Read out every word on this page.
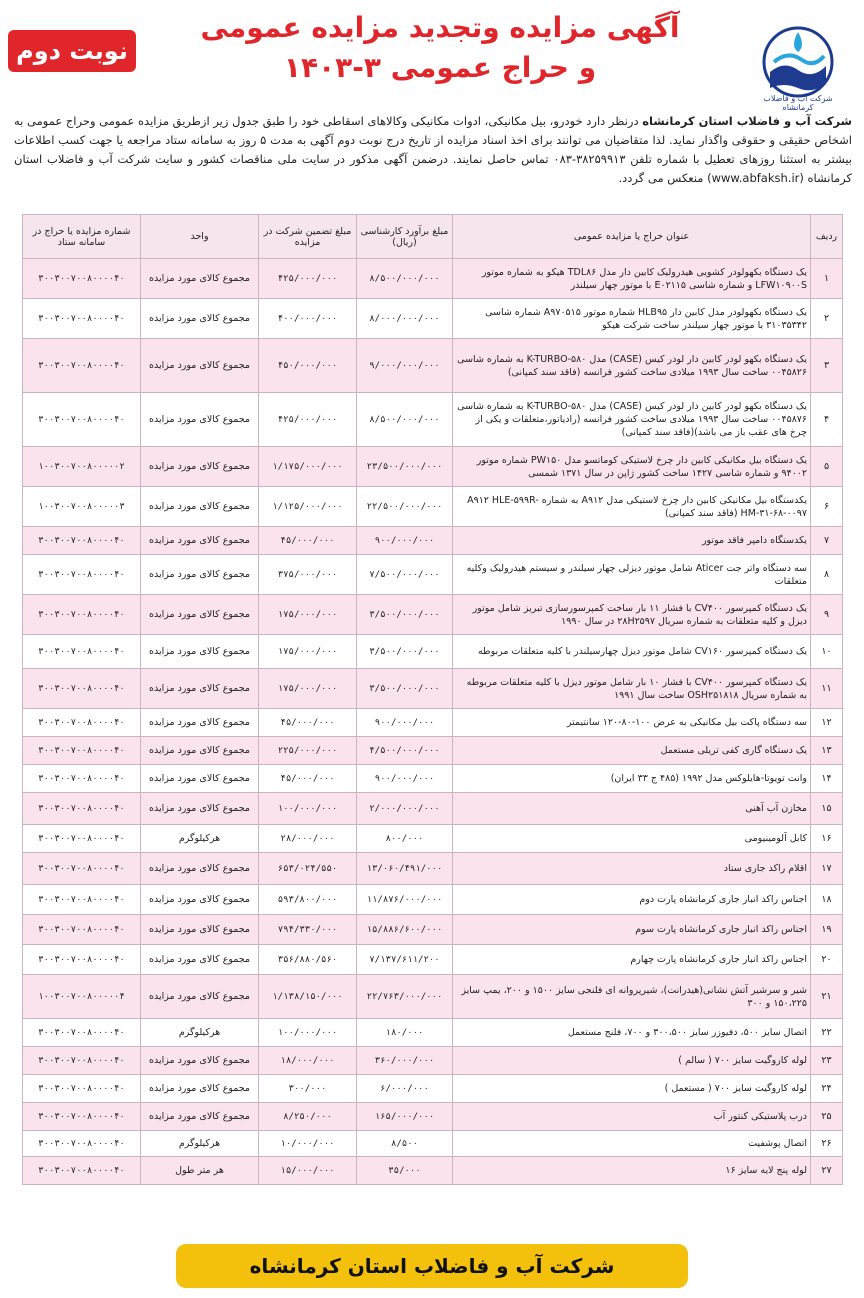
نوبت دوم
آگهی مزایده وتجدید مزایده عمومی
و حراج عمومی ۳-۱۴۰۳
شرکت آب و فاضلاب کرمانشاه
شرکت آب و فاضلاب استان کرمانشاه درنظر دارد خودرو، بیل مکانیکی، ادوات مکانیکی وکالاهای اسقاطی خود را طبق جدول زیر ازطریق مزایده عمومی وحراج عمومی به اشخاص حقیقی و حقوقی واگذار نماید. لذا متقاضیان می توانند برای اخذ اسناد مزایده از تاریخ درج نوبت دوم آگهی به مدت ۵ روز به سامانه ستاد مراجعه یا جهت کسب اطلاعات بیشتر به استثنا روزهای تعطیل با شماره تلفن ۳۸۲۵۹۹۱۳-۰۸۳ تماس حاصل نمایند. درضمن آگهی مذکور در سایت ملی مناقصات کشور و سایت شرکت آب و فاضلاب استان کرمانشاه (www.abfaksh.ir) منعکس می گردد.
ردیف	عنوان حراج یا مزایده عمومی	مبلغ برآورد کارشناسی (ریال)	مبلغ تضمین شرکت در مزایده	واحد	شماره مزایده یا حراج در سامانه ستاد
۱	یک دستگاه بکهولودر کشویی هیدرولیک کابین دار مدل TDL۸۶ هیکو به شماره موتور LFW۱۰۹۰۰S و شماره شاسی E۰۲۱۱۵ با موتور چهار سیلندر	۸/۵۰۰/۰۰۰/۰۰۰	۴۲۵/۰۰۰/۰۰۰	مجموع کالای مورد مزایده	۳۰۰۳۰۰۷۰۰۸۰۰۰۰۴۰
۲	یک دستگاه بکهولودر مدل کابین دار HLB۹۵ شماره موتور A۹۷۰۵۱۵ شماره شاسی ۳۱۰۳۵۳۴۲ با موتور چهار سیلندر ساخت شرکت هیکو	۸/۰۰۰/۰۰۰/۰۰۰	۴۰۰/۰۰۰/۰۰۰	مجموع کالای مورد مزایده	۳۰۰۳۰۰۷۰۰۸۰۰۰۰۴۰
۳	یک دستگاه بکهو لودر کابین دار لودر کیس (CASE) مدل ۵۸۰-K-TURBO به شماره شاسی ۰۰۴۵۸۲۶ ساخت سال ۱۹۹۳ میلادی ساخت کشور فرانسه (فاقد سند کمپانی)	۹/۰۰۰/۰۰۰/۰۰۰	۴۵۰/۰۰۰/۰۰۰	مجموع کالای مورد مزایده	۳۰۰۳۰۰۷۰۰۸۰۰۰۰۴۰
۴	یک دستگاه بکهو لودر کابین دار لودر کیس (CASE) مدل ۵۸۰-K-TURBO به شماره شاسی ۰۰۴۵۸۷۶ ساخت سال ۱۹۹۳ میلادی ساخت کشور فرانسه (رادیاتور،متعلقات و یکی از چرخ های عقب باز می باشد)(فاقد سند کمپانی)	۸/۵۰۰/۰۰۰/۰۰۰	۴۲۵/۰۰۰/۰۰۰	مجموع کالای مورد مزایده	۳۰۰۳۰۰۷۰۰۸۰۰۰۰۴۰
۵	یک دستگاه بیل مکانیکی کابین دار چرخ لاستیکی کوماتسو مدل PW۱۵۰ شماره موتور ۹۴۰۰۲ و شماره شاسی ۱۴۲۷ ساخت کشور ژاپن در سال ۱۳۷۱ شمسی	۲۳/۵۰۰/۰۰۰/۰۰۰	۱/۱۷۵/۰۰۰/۰۰۰	مجموع کالای مورد مزایده	۱۰۰۳۰۰۷۰۰۸۰۰۰۰۰۲
۶	یکدستگاه بیل مکانیکی کابین دار چرخ لاستیکی مدل A۹۱۲ به شماره A۹۱۲ HLE-۵۹۹R-HM-۳۱-۶۸-۰۰۹۷ (فاقد سند کمپانی)	۲۲/۵۰۰/۰۰۰/۰۰۰	۱/۱۲۵/۰۰۰/۰۰۰	مجموع کالای مورد مزایده	۱۰۰۳۰۰۷۰۰۸۰۰۰۰۰۳
۷	یکدستگاه دامپر فاقد موتور	۹۰۰/۰۰۰/۰۰۰	۴۵/۰۰۰/۰۰۰	مجموع کالای مورد مزایده	۳۰۰۳۰۰۷۰۰۸۰۰۰۰۴۰
۸	سه دستگاه واتر جت Aticer شامل موتور دیزلی چهار سیلندر و سیستم هیدرولیک وکلیه متعلقات	۷/۵۰۰/۰۰۰/۰۰۰	۳۷۵/۰۰۰/۰۰۰	مجموع کالای مورد مزایده	۳۰۰۳۰۰۷۰۰۸۰۰۰۰۴۰
۹	یک دستگاه کمپرسور CV۴۰۰ با فشار ۱۱ بار ساخت کمپرسورسازی تبریز شامل موتور دیزل و کلیه متعلقات به شماره سریال ۲۸H۲۵۹۷ در سال ۱۹۹۰	۳/۵۰۰/۰۰۰/۰۰۰	۱۷۵/۰۰۰/۰۰۰	مجموع کالای مورد مزایده	۳۰۰۳۰۰۷۰۰۸۰۰۰۰۴۰
۱۰	یک دستگاه کمپرسور CV۱۶۰ شامل موتور دیزل چهارسیلندر با کلیه متعلقات مربوطه	۳/۵۰۰/۰۰۰/۰۰۰	۱۷۵/۰۰۰/۰۰۰	مجموع کالای مورد مزایده	۳۰۰۳۰۰۷۰۰۸۰۰۰۰۴۰
۱۱	یک دستگاه کمپرسور CV۴۰۰ با فشار ۱۰ بار شامل موتور دیزل با کلیه متعلقات مربوطه به شماره سریال OSH۲۵۱۸۱۸ ساخت سال ۱۹۹۱	۳/۵۰۰/۰۰۰/۰۰۰	۱۷۵/۰۰۰/۰۰۰	مجموع کالای مورد مزایده	۳۰۰۳۰۰۷۰۰۸۰۰۰۰۴۰
۱۲	سه دستگاه پاکت بیل مکانیکی به عرض ۱۰۰-۸۰-۱۲۰ سانتیمتر	۹۰۰/۰۰۰/۰۰۰	۴۵/۰۰۰/۰۰۰	مجموع کالای مورد مزایده	۳۰۰۳۰۰۷۰۰۸۰۰۰۰۴۰
۱۳	یک دستگاه گاری کفی تریلی مستعمل	۴/۵۰۰/۰۰۰/۰۰۰	۲۲۵/۰۰۰/۰۰۰	مجموع کالای مورد مزایده	۳۰۰۳۰۰۷۰۰۸۰۰۰۰۴۰
۱۴	وانت تویوتا-هایلوکس مدل ۱۹۹۲ (۴۸۵ ج ۳۳ ایران)	۹۰۰/۰۰۰/۰۰۰	۴۵/۰۰۰/۰۰۰	مجموع کالای مورد مزایده	۳۰۰۳۰۰۷۰۰۸۰۰۰۰۴۰
۱۵	مخازن آب آهنی	۲/۰۰۰/۰۰۰/۰۰۰	۱۰۰/۰۰۰/۰۰۰	مجموع کالای مورد مزایده	۳۰۰۳۰۰۷۰۰۸۰۰۰۰۴۰
۱۶	کابل آلومینیومی	۸۰۰/۰۰۰	۲۸/۰۰۰/۰۰۰	هرکیلوگرم	۳۰۰۳۰۰۷۰۰۸۰۰۰۰۴۰
۱۷	اقلام راکد جاری ستاد	۱۳/۰۶۰/۴۹۱/۰۰۰	۶۵۳/۰۲۴/۵۵۰	مجموع کالای مورد مزایده	۳۰۰۳۰۰۷۰۰۸۰۰۰۰۴۰
۱۸	اجناس راکد انبار جاری کرمانشاه پارت دوم	۱۱/۸۷۶/۰۰۰/۰۰۰	۵۹۳/۸۰۰/۰۰۰	مجموع کالای مورد مزایده	۳۰۰۳۰۰۷۰۰۸۰۰۰۰۴۰
۱۹	اجناس راکد انبار جاری کرمانشاه پارت سوم	۱۵/۸۸۶/۶۰۰/۰۰۰	۷۹۴/۳۳۰/۰۰۰	مجموع کالای مورد مزایده	۳۰۰۳۰۰۷۰۰۸۰۰۰۰۴۰
۲۰	اجناس راکد انبار جاری کرمانشاه پارت چهارم	۷/۱۳۷/۶۱۱/۲۰۰	۳۵۶/۸۸۰/۵۶۰	مجموع کالای مورد مزایده	۳۰۰۳۰۰۷۰۰۸۰۰۰۰۴۰
۲۱	شیر و سرشیر آتش نشانی(هیدرانت)، شیرپروانه ای فلنجی سایز ۱۵۰۰ و ۲۰۰، یمپ سایز ۱۵۰،۲۲۵ و ۳۰۰	۲۲/۷۶۳/۰۰۰/۰۰۰	۱/۱۳۸/۱۵۰/۰۰۰	مجموع کالای مورد مزایده	۱۰۰۳۰۰۷۰۰۸۰۰۰۰۰۴
۲۲	اتصال سایز ۵۰۰، دفیوزر سایز ۳۰۰،۵۰۰ و ۷۰۰، فلنج مستعمل	۱۸۰/۰۰۰	۱۰۰/۰۰۰/۰۰۰	هرکیلوگرم	۳۰۰۳۰۰۷۰۰۸۰۰۰۰۴۰
۲۳	لوله کاروگیت سایز ۷۰۰ ( سالم )	۳۶۰/۰۰۰/۰۰۰	۱۸/۰۰۰/۰۰۰	مجموع کالای مورد مزایده	۳۰۰۳۰۰۷۰۰۸۰۰۰۰۴۰
۲۴	لوله کاروگیت سایز ۷۰۰ ( مستعمل )	۶/۰۰۰/۰۰۰	۳۰۰/۰۰۰	مجموع کالای مورد مزایده	۳۰۰۳۰۰۷۰۰۸۰۰۰۰۴۰
۲۵	درب پلاستیکی کنتور آب	۱۶۵/۰۰۰/۰۰۰	۸/۲۵۰/۰۰۰	مجموع کالای مورد مزایده	۳۰۰۳۰۰۷۰۰۸۰۰۰۰۴۰
۲۶	اتصال پوشفیت	۸/۵۰۰	۱۰/۰۰۰/۰۰۰	هرکیلوگرم	۳۰۰۳۰۰۷۰۰۸۰۰۰۰۴۰
۲۷	لوله پنج لایه سایز ۱۶	۳۵/۰۰۰	۱۵/۰۰۰/۰۰۰	هر متر طول	۳۰۰۳۰۰۷۰۰۸۰۰۰۰۴۰
شرکت آب و فاضلاب استان کرمانشاه
